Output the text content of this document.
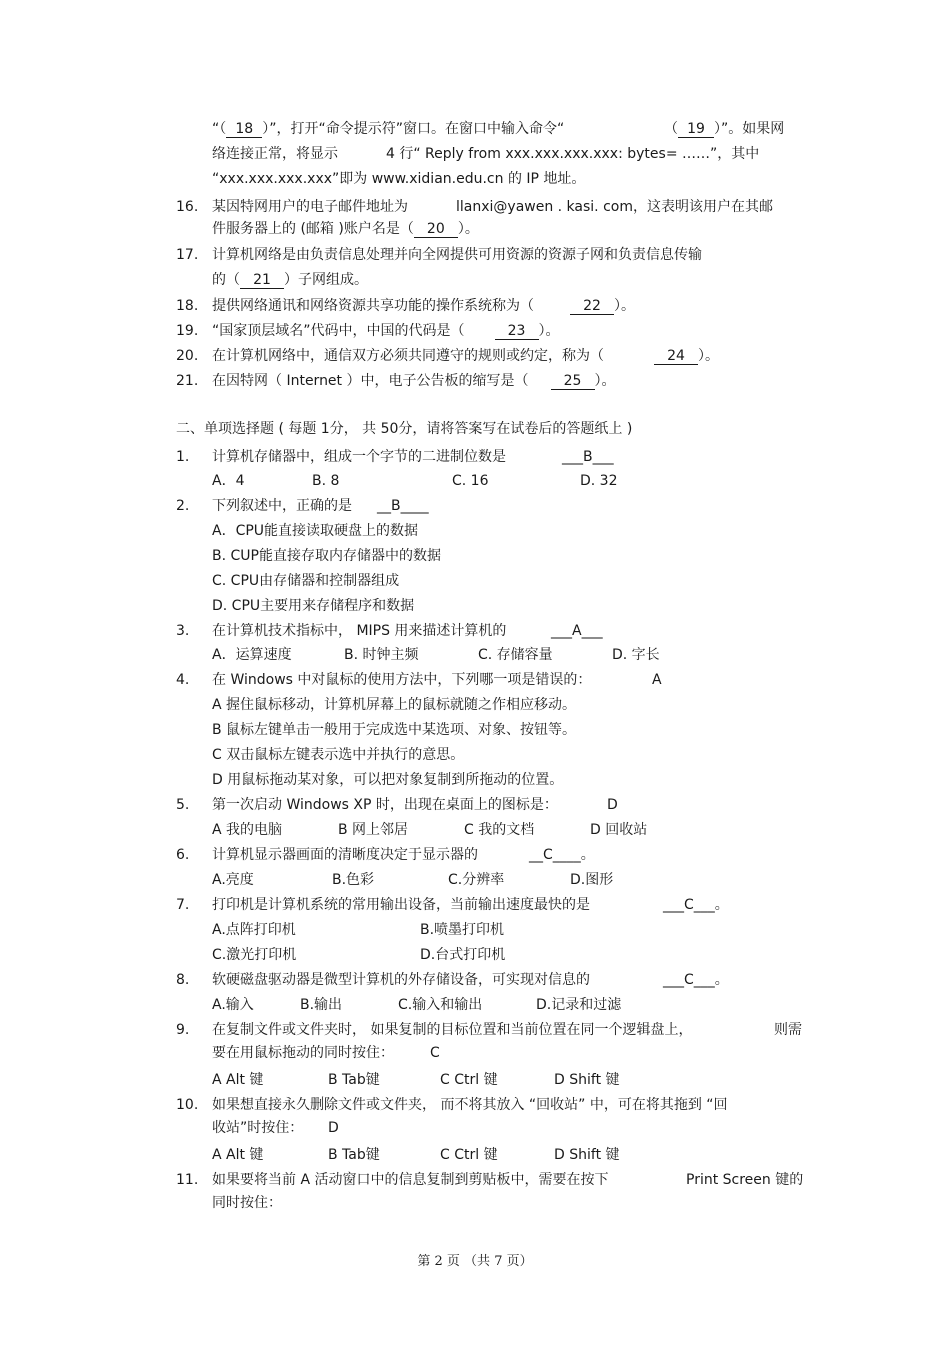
“（ 18 ）”，打开“命令提示符”窗口。在窗口中输入命令“	（ 19 ）”。如果网
络连接正常，将显示	4 行“ Reply from xxx.xxx.xxx.xxx: bytes= ……”，其中
“xxx.xxx.xxx.xxx”即为 www.xidian.edu.cn 的 IP 地址。
16. 某因特网用户的电子邮件地址为	llanxi@yawen . kasi. com，这表明该用户在其邮
件服务器上的 (邮箱 )账户名是（ 20 ）。
17. 计算机网络是由负责信息处理并向全网提供可用资源的资源子网和负责信息传输
的（ 21 ）子网组成。
18. 提供网络通讯和网络资源共享功能的操作系统称为（	22 ）。
19. “国家顶层域名”代码中，中国的代码是（	23 ）。
20. 在计算机网络中，通信双方必须共同遵守的规则或约定，称为（	24 ）。
21. 在因特网（ Internet ）中，电子公告板的缩写是（	25 ）。
二、单项选择题 ( 每题 1分， 共 50分，请将答案写在试卷后的答题纸上 )
1. 计算机存储器中，组成一个字节的二进制位数是	___B___
A．4	B. 8	C. 16	D. 32
2. 下列叙述中，正确的是 __B____
A．CPU能直接读取硬盘上的数据
B. CUP能直接存取内存储器中的数据
C. CPU由存储器和控制器组成
D. CPU主要用来存储程序和数据
3. 在计算机技术指标中， MIPS 用来描述计算机的	___A___
A．运算速度	B. 时钟主频	C. 存储容量	D. 字长
4. 在 Windows 中对鼠标的使用方法中，下列哪一项是错误的：	A
A 握住鼠标移动，计算机屏幕上的鼠标就随之作相应移动。
B 鼠标左键单击一般用于完成选中某选项、对象、按钮等。
C 双击鼠标左键表示选中并执行的意思。
D 用鼠标拖动某对象，可以把对象复制到所拖动的位置。
5. 第一次启动 Windows XP 时，出现在桌面上的图标是：	D
A 我的电脑	B 网上邻居	C 我的文档	D 回收站
6. 计算机显示器画面的清晰度决定于显示器的	__C____。
A.亮度	B.色彩	C.分辨率	D.图形
7. 打印机是计算机系统的常用输出设备，当前输出速度最快的是	___C___。
A.点阵打印机	B.喷墨打印机
C.激光打印机	D.台式打印机
8. 软硬磁盘驱动器是微型计算机的外存储设备，可实现对信息的	___C___。
A.输入	B.输出	C.输入和输出	D.记录和过滤
9. 在复制文件或文件夹时， 如果复制的目标位置和当前位置在同一个逻辑盘上，	则需
要在用鼠标拖动的同时按住：	C
A Alt 键	B Tab键	C Ctrl 键	D Shift 键
10. 如果想直接永久删除文件或文件夹， 而不将其放入 “回收站” 中，可在将其拖到 “回
收站”时按住： D
A Alt 键	B Tab键	C Ctrl 键	D Shift 键
11. 如果要将当前 A 活动窗口中的信息复制到剪贴板中，需要在按下	Print Screen 键的
同时按住：
第 2 页 （共 7 页）
